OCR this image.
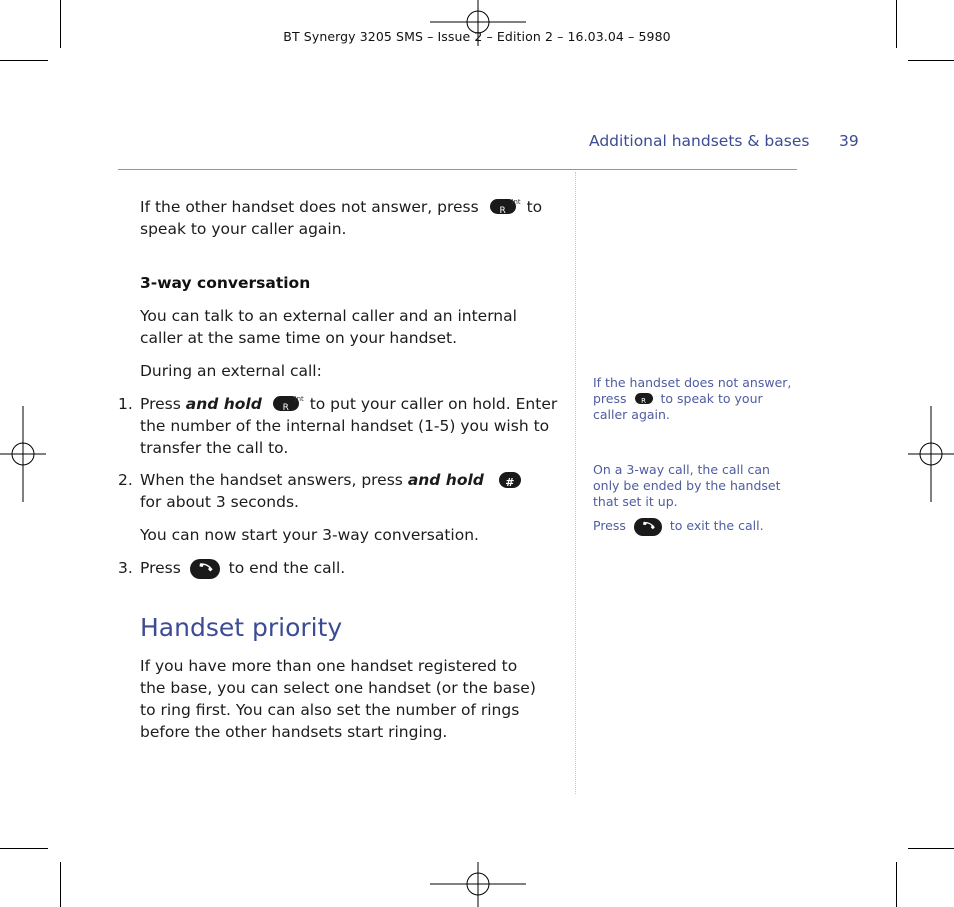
BT Synergy 3205 SMS – Issue 2 – Edition 2 – 16.03.04 – 5980
Additional handsets & bases 39
If the other handset does not answer, press	Int
R to speak to your caller again.
3-way conversation
You can talk to an external caller and an internal caller at the same time on your handset.
During an external call:
1. Press and hold	Int
R to put your caller on hold. Enter the number of the internal handset (1-5) you wish to transfer the call to.
2. When the handset answers, press and hold # for about 3 seconds.
You can now start your 3-way conversation.
3. Press	to end the call.
Handset priority
If you have more than one handset registered to the base, you can select one handset (or the base) to ring first. You can also set the number of rings before the other handsets start ringing.
If the handset does not answer, press R	to speak to your caller again.
On a 3-way call, the call can only be ended by the handset that set it up.
Press	to exit the call.
